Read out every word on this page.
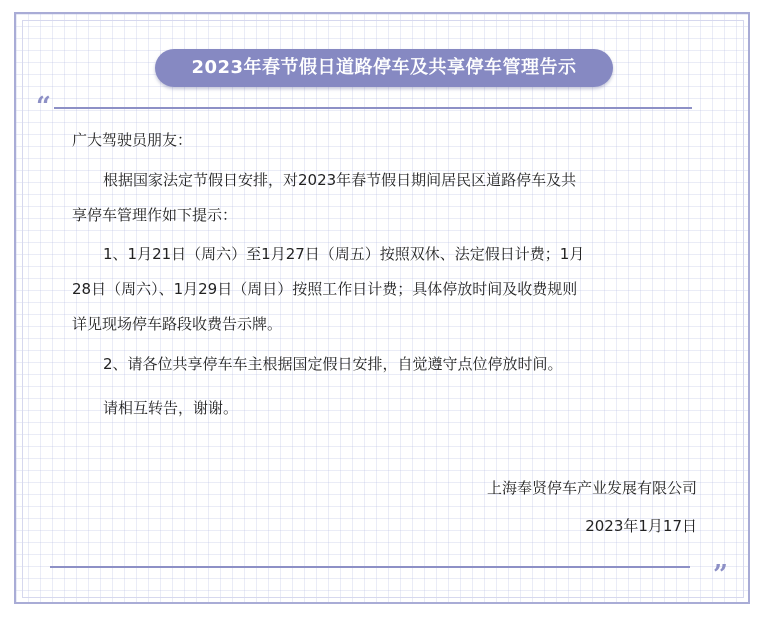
2023年春节假日道路停车及共享停车管理告示
“
广大驾驶员朋友：
根据国家法定节假日安排，对2023年春节假日期间居民区道路停车及共
享停车管理作如下提示：
1、1月21日（周六）至1月27日（周五）按照双休、法定假日计费；1月
28日（周六）、1月29日（周日）按照工作日计费；具体停放时间及收费规则
详见现场停车路段收费告示牌。
2、请各位共享停车车主根据国定假日安排，自觉遵守点位停放时间。
请相互转告，谢谢。
上海奉贤停车产业发展有限公司
2023年1月17日
”
